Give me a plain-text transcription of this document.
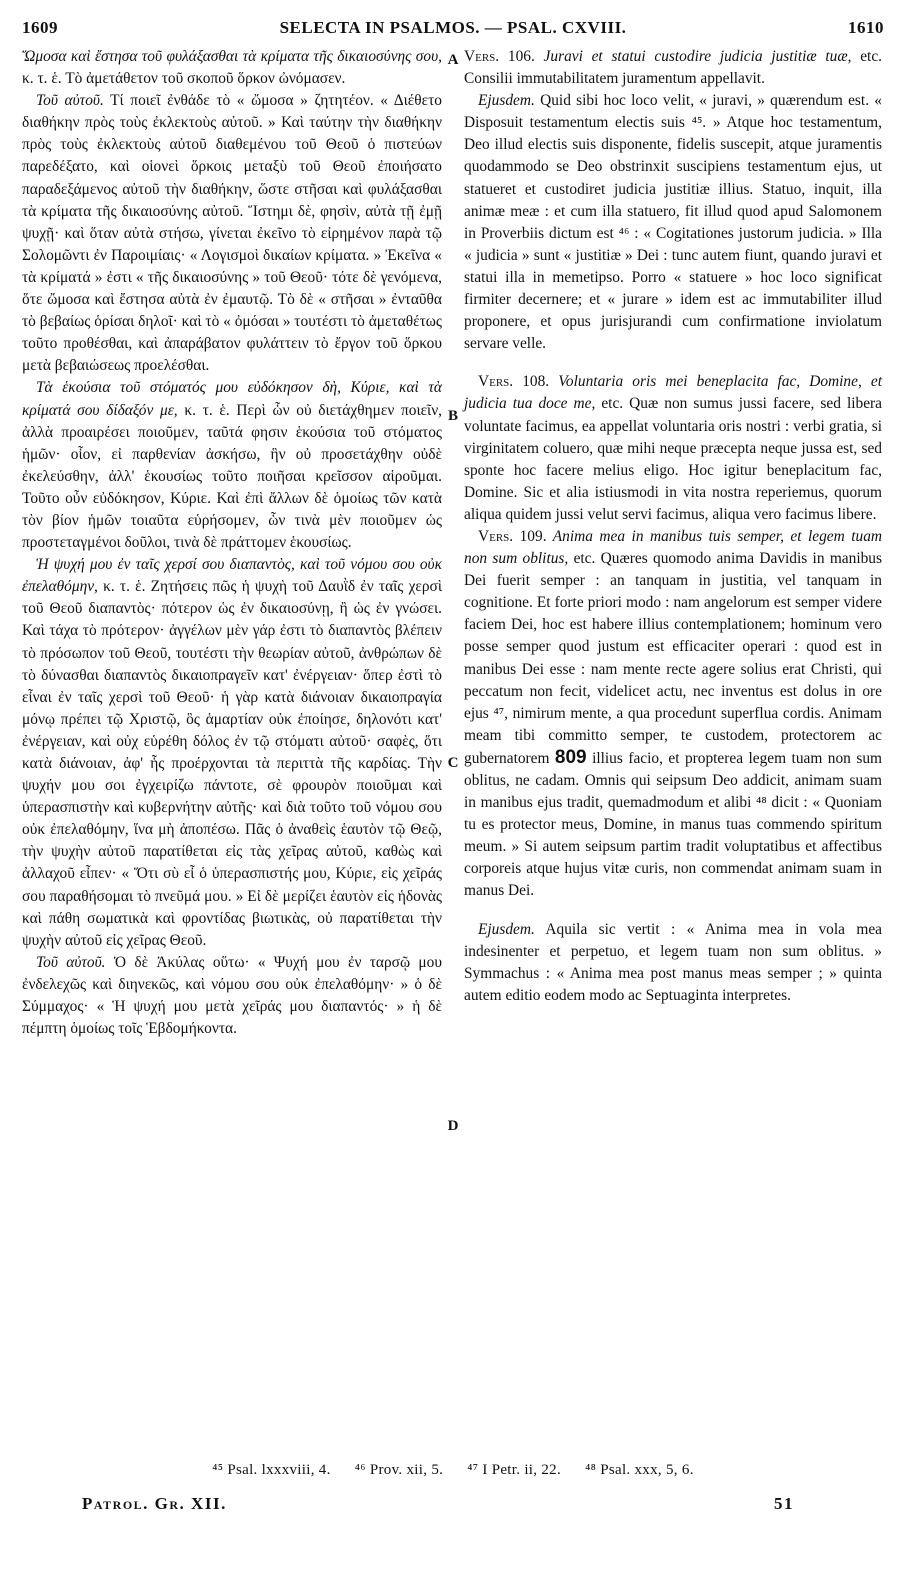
1609	SELECTA IN PSALMOS. — PSAL. CXVIII.	1610

Ὤμοσα καὶ ἔστησα τοῦ φυλάξασθαι τὰ κρίματα τῆς δικαιοσύνης σου, κ. τ. ἑ. Τὸ ἀμετάθετον τοῦ σκοποῦ ὅρκον ὠνόμασεν.

Τοῦ αὐτοῦ. Τί ποιεῖ ἐνθάδε τὸ « ὤμοσα » ζητητέον. « Διέθετο διαθήκην πρὸς τοὺς ἐκλεκτοὺς αὐτοῦ. » Καὶ ταύτην τὴν διαθήκην πρὸς τοὺς ἐκλεκτοὺς αὐτοῦ διαθεμένου τοῦ Θεοῦ ὁ πιστεύων παρεδέξατο, καὶ οἱονεὶ ὅρκοις μεταξὺ τοῦ Θεοῦ ἐποιήσατο παραδεξάμενος αὐτοῦ τὴν διαθήκην, ὥστε στῆσαι καὶ φυλάξασθαι τὰ κρίματα τῆς δικαιοσύνης αὐτοῦ. Ἵστημι δὲ, φησὶν, αὐτὰ τῇ ἐμῇ ψυχῇ· καὶ ὅταν αὐτὰ στήσω, γίνεται ἐκεῖνο τὸ εἰρημένον παρὰ τῷ Σολομῶντι ἐν Παροιμίαις· « Λογισμοὶ δικαίων κρίματα. » Ἐκεῖνα « τὰ κρίματά » ἐστι « τῆς δικαιοσύνης » τοῦ Θεοῦ· τότε δὲ γενόμενα, ὅτε ὤμοσα καὶ ἔστησα αὐτὰ ἐν ἐμαυτῷ. Τὸ δὲ « στῆσαι » ἐνταῦθα τὸ βεβαίως ὁρίσαι δηλοῖ· καὶ τὸ « ὀμόσαι » τουτέστι τὸ ἀμεταθέτως τοῦτο προθέσθαι, καὶ ἀπαράβατον φυλάττειν τὸ ἔργον τοῦ ὅρκου μετὰ βεβαιώσεως προελέσθαι.

Τὰ ἑκούσια τοῦ στόματός μου εὐδόκησον δὴ, Κύριε, καὶ τὰ κρίματά σου δίδαξόν με, κ. τ. ἑ. Περὶ ὧν οὐ διετάχθημεν ποιεῖν, ἀλλὰ προαιρέσει ποιοῦμεν, ταῦτά φησιν ἑκούσια τοῦ στόματος ἡμῶν· οἷον, εἰ παρθενίαν ἀσκήσω, ἣν οὐ προσετάχθην οὐδὲ ἐκελεύσθην, ἀλλ' ἑκουσίως τοῦτο ποιῆσαι κρεῖσσον αἱροῦμαι. Τοῦτο οὖν εὐδόκησον, Κύριε. Καὶ ἐπὶ ἄλλων δὲ ὁμοίως τῶν κατὰ τὸν βίον ἡμῶν τοιαῦτα εὑρήσομεν, ὧν τινὰ μὲν ποιοῦμεν ὡς προστεταγμένοι δοῦλοι, τινὰ δὲ πράττομεν ἑκουσίως.

Ἡ ψυχή μου ἐν ταῖς χερσί σου διαπαντὸς, καὶ τοῦ νόμου σου οὐκ ἐπελαθόμην, κ. τ. ἑ. Ζητήσεις πῶς ἡ ψυχὴ τοῦ Δαυῒδ ἐν ταῖς χερσὶ τοῦ Θεοῦ διαπαντὸς· πότερον ὡς ἐν δικαιοσύνῃ, ἢ ὡς ἐν γνώσει. Καὶ τάχα τὸ πρότερον· ἀγγέλων μὲν γάρ ἐστι τὸ διαπαντὸς βλέπειν τὸ πρόσωπον τοῦ Θεοῦ, τουτέστι τὴν θεωρίαν αὐτοῦ, ἀνθρώπων δὲ τὸ δύνασθαι διαπαντὸς δικαιοπραγεῖν κατ' ἐνέργειαν· ὅπερ ἐστὶ τὸ εἶναι ἐν ταῖς χερσὶ τοῦ Θεοῦ· ἡ γὰρ κατὰ διάνοιαν δικαιοπραγία μόνῳ πρέπει τῷ Χριστῷ, ὃς ἁμαρτίαν οὐκ ἐποίησε, δηλονότι κατ' ἐνέργειαν, καὶ οὐχ εὑρέθη δόλος ἐν τῷ στόματι αὐτοῦ· σαφὲς, ὅτι κατὰ διάνοιαν, ἀφ' ἧς προέρχονται τὰ περιττὰ τῆς καρδίας. Τὴν ψυχήν μου σοι ἐγχειρίζω πάντοτε, σὲ φρουρὸν ποιοῦμαι καὶ ὑπερασπιστὴν καὶ κυβερνήτην αὐτῆς· καὶ διὰ τοῦτο τοῦ νόμου σου οὐκ ἐπελαθόμην, ἵνα μὴ ἀποπέσω. Πᾶς ὁ ἀναθεὶς ἑαυτὸν τῷ Θεῷ, τὴν ψυχὴν αὐτοῦ παρατίθεται εἰς τὰς χεῖρας αὐτοῦ, καθὼς καὶ ἀλλαχοῦ εἶπεν· « Ὅτι σὺ εἶ ὁ ὑπερασπιστής μου, Κύριε, εἰς χεῖράς σου παραθήσομαι τὸ πνεῦμά μου. » Εἰ δὲ μερίζει ἑαυτὸν εἰς ἡδονὰς καὶ πάθη σωματικὰ καὶ φροντίδας βιωτικὰς, οὐ παρατίθεται τὴν ψυχὴν αὐτοῦ εἰς χεῖρας Θεοῦ.

Τοῦ αὐτοῦ. Ὁ δὲ Ἀκύλας οὕτω· « Ψυχή μου ἐν ταρσῷ μου ἐνδελεχῶς καὶ διηνεκῶς, καὶ νόμου σου οὐκ ἐπελαθόμην· » ὁ δὲ Σύμμαχος· « Ἡ ψυχή μου μετὰ χεῖράς μου διαπαντός· » ἡ δὲ πέμπτη ὁμοίως τοῖς Ἑβδομήκοντα.

A
B
C
D

Vers. 106. Juravi et statui custodire judicia justitiæ tuæ, etc. Consilii immutabilitatem juramentum appellavit.

Ejusdem. Quid sibi hoc loco velit, « juravi, » quærendum est. « Disposuit testamentum electis suis ⁴⁵. » Atque hoc testamentum, Deo illud electis suis disponente, fidelis suscepit, atque juramentis quodammodo se Deo obstrinxit suscipiens testamentum ejus, ut statueret et custodiret judicia justitiæ illius. Statuo, inquit, illa animæ meæ : et cum illa statuero, fit illud quod apud Salomonem in Proverbiis dictum est ⁴⁶ : « Cogitationes justorum judicia. » Illa « judicia » sunt « justitiæ » Dei : tunc autem fiunt, quando juravi et statui illa in memetipso. Porro « statuere » hoc loco significat firmiter decernere; et « jurare » idem est ac immutabiliter illud proponere, et opus jurisjurandi cum confirmatione inviolatum servare velle.

Vers. 108. Voluntaria oris mei beneplacita fac, Domine, et judicia tua doce me, etc. Quæ non sumus jussi facere, sed libera voluntate facimus, ea appellat voluntaria oris nostri : verbi gratia, si virginitatem coluero, quæ mihi neque præcepta neque jussa est, sed sponte hoc facere melius eligo. Hoc igitur beneplacitum fac, Domine. Sic et alia istiusmodi in vita nostra reperiemus, quorum aliqua quidem jussi velut servi facimus, aliqua vero facimus libere.

Vers. 109. Anima mea in manibus tuis semper, et legem tuam non sum oblitus, etc. Quæres quomodo anima Davidis in manibus Dei fuerit semper : an tanquam in justitia, vel tanquam in cognitione. Et forte priori modo : nam angelorum est semper videre faciem Dei, hoc est habere illius contemplationem; hominum vero posse semper quod justum est efficaciter operari : quod est in manibus Dei esse : nam mente recte agere solius erat Christi, qui peccatum non fecit, videlicet actu, nec inventus est dolus in ore ejus ⁴⁷, nimirum mente, a qua procedunt superflua cordis. Animam meam tibi committo semper, te custodem, protectorem ac gubernatorem 809 illius facio, et propterea legem tuam non sum oblitus, ne cadam. Omnis qui seipsum Deo addicit, animam suam in manibus ejus tradit, quemadmodum et alibi ⁴⁸ dicit : « Quoniam tu es protector meus, Domine, in manus tuas commendo spiritum meum. » Si autem seipsum partim tradit voluptatibus et affectibus corporeis atque hujus vitæ curis, non commendat animam suam in manus Dei.

Ejusdem. Aquila sic vertit : « Anima mea in vola mea indesinenter et perpetuo, et legem tuam non sum oblitus. » Symmachus : « Anima mea post manus meas semper ; » quinta autem editio eodem modo ac Septuaginta interpretes.

⁴⁵ Psal. lxxxviii, 4. ⁴⁶ Prov. xii, 5. ⁴⁷ I Petr. ii, 22. ⁴⁸ Psal. xxx, 5, 6.
Patrol. Gr. XII.	51
